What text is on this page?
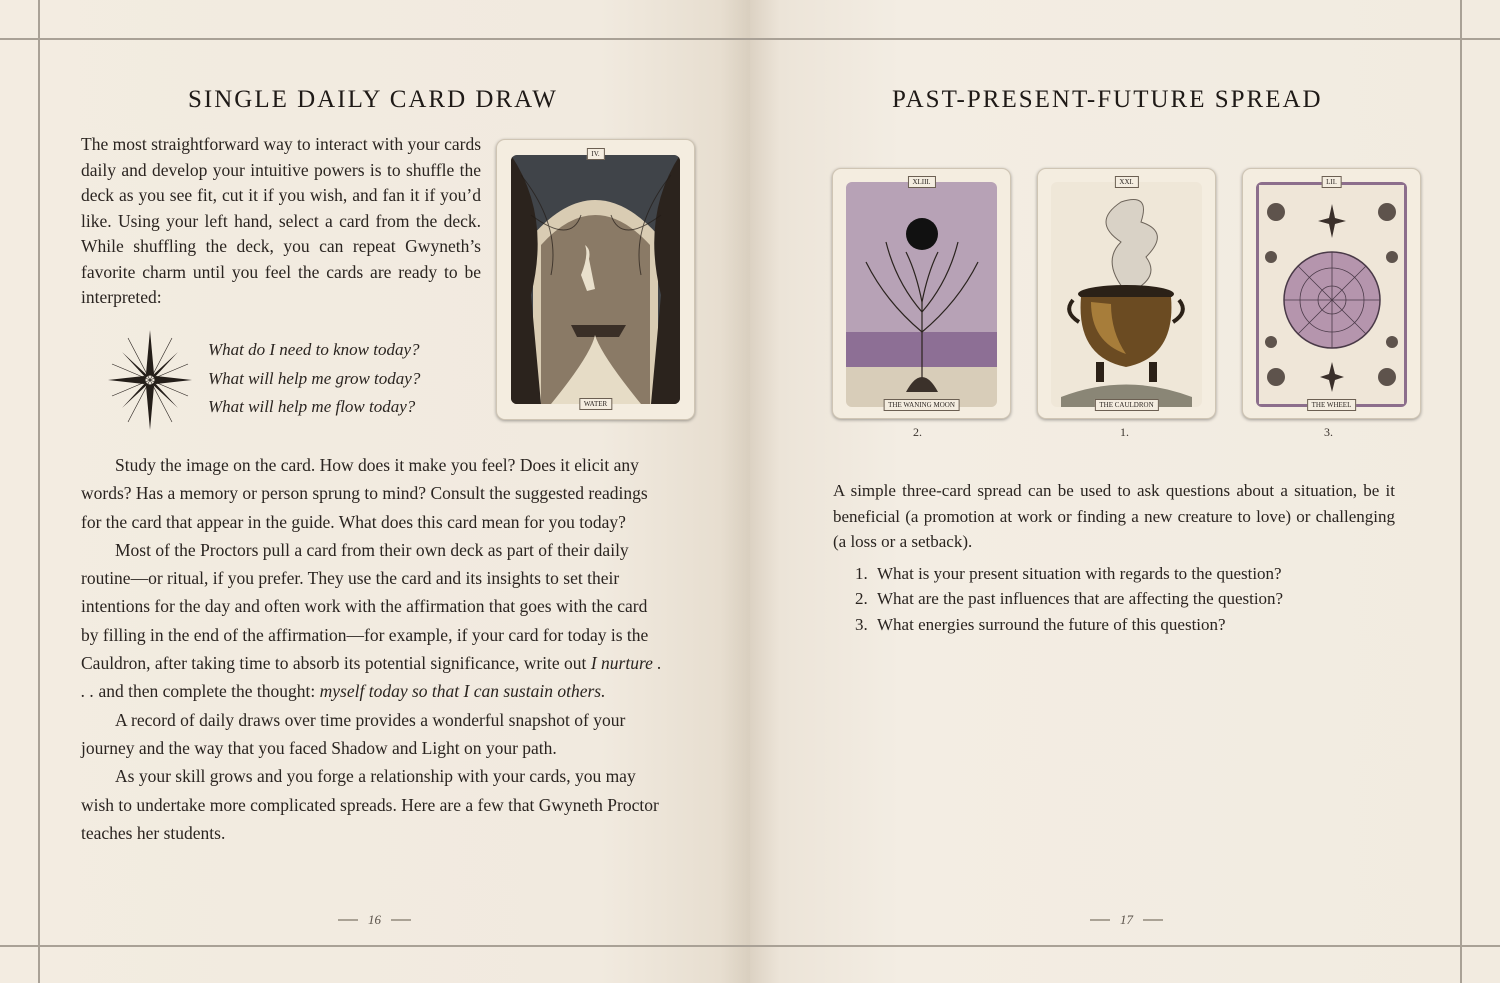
SINGLE DAILY CARD DRAW

The most straightforward way to interact with your cards daily and develop your intuitive powers is to shuffle the deck as you see fit, cut it if you wish, and fan it if you’d like. Using your left hand, select a card from the deck. While shuffling the deck, you can repeat Gwyneth’s favorite charm until you feel the cards are ready to be interpreted:

IV.
WATER
What do I need to know today?
What will help me grow today?
What will help me flow today?

Study the image on the card. How does it make you feel? Does it elicit any words? Has a memory or person sprung to mind? Consult the suggested readings for the card that appear in the guide. What does this card mean for you today?

Most of the Proctors pull a card from their own deck as part of their daily routine—or ritual, if you prefer. They use the card and its insights to set their intentions for the day and often work with the affirmation that goes with the card by filling in the end of the affirmation—for example, if your card for today is the Cauldron, after taking time to absorb its potential significance, write out I nurture . . . and then complete the thought: myself today so that I can sustain others.

A record of daily draws over time provides a wonderful snapshot of your journey and the way that you faced Shadow and Light on your path.

As your skill grows and you forge a relationship with your cards, you may wish to undertake more complicated spreads. Here are a few that Gwyneth Proctor teaches her students.

16
PAST-PRESENT-FUTURE SPREAD
XLIII.
THE WANING MOON
2.
XXI.
THE CAULDRON
1.
LII.
THE WHEEL
3.

A simple three-card spread can be used to ask questions about a situation, be it beneficial (a promotion at work or finding a new creature to love) or challenging (a loss or a setback).

1. What is your present situation with regards to the question?
2. What are the past influences that are affecting the question?
3. What energies surround the future of this question?
17
